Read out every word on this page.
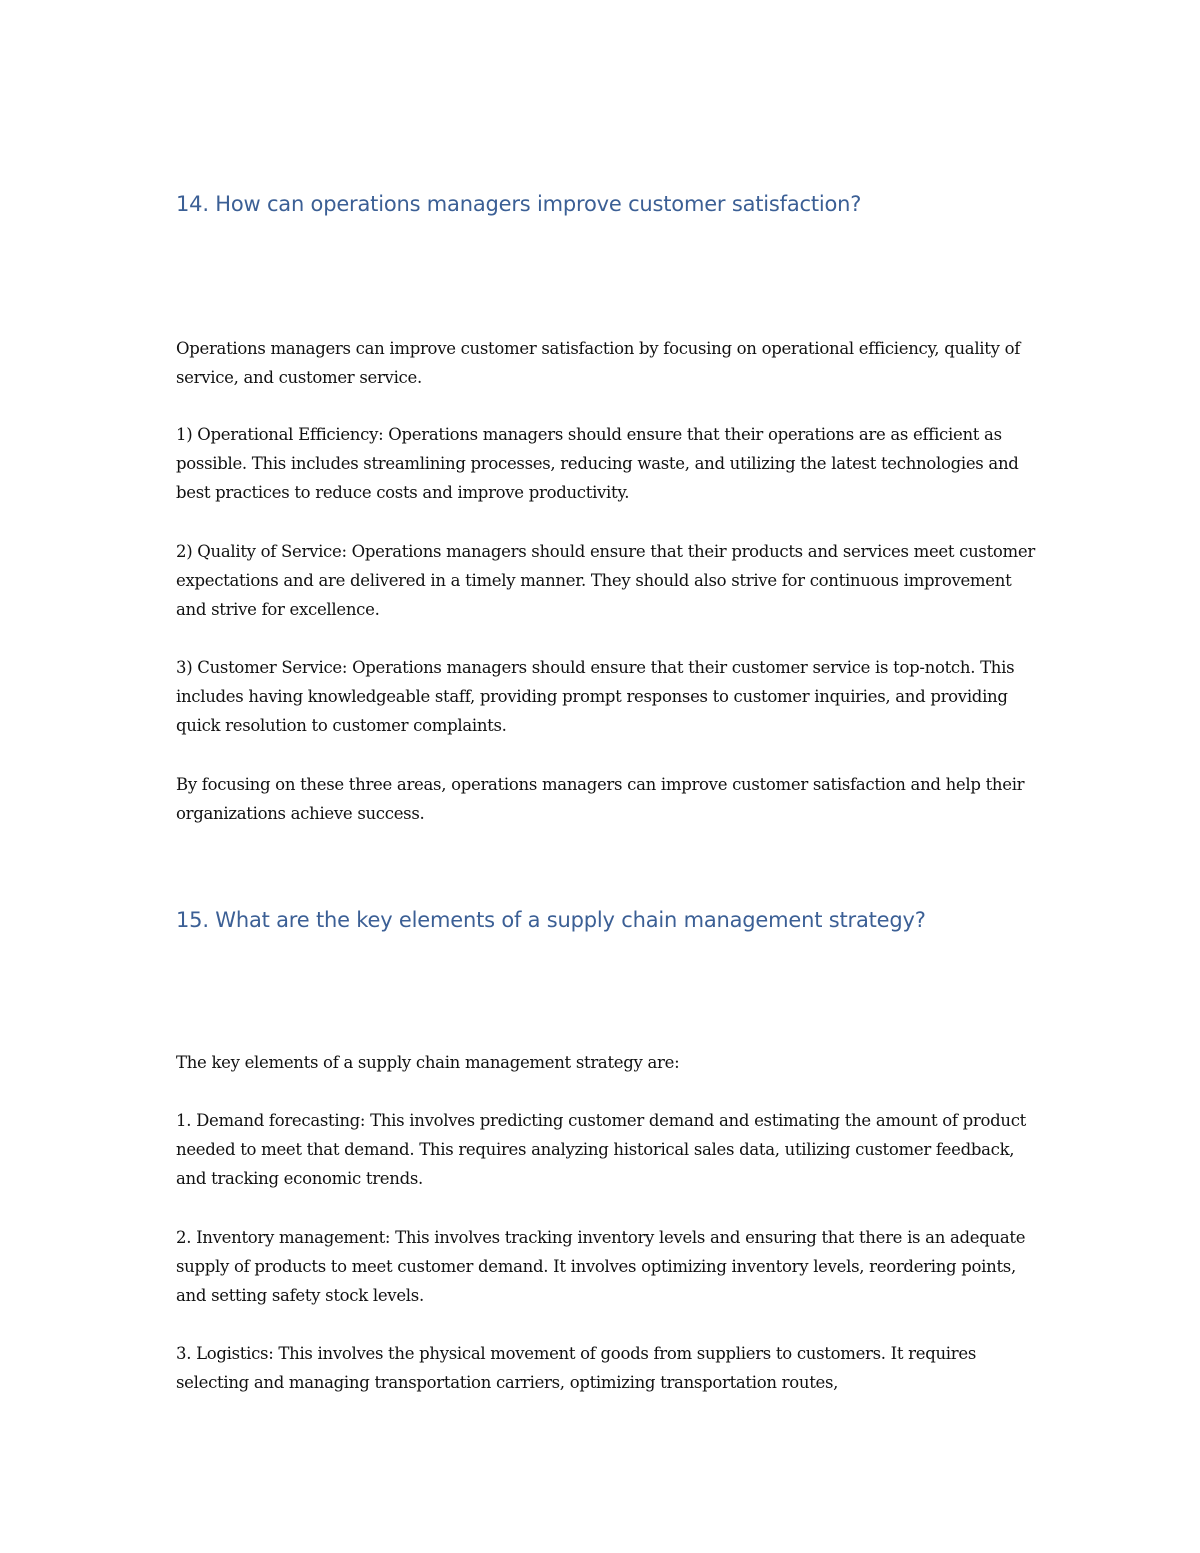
14. How can operations managers improve customer satisfaction?

Operations managers can improve customer satisfaction by focusing on operational efficiency, quality of service, and customer service.

1) Operational Efficiency: Operations managers should ensure that their operations are as efficient as possible. This includes streamlining processes, reducing waste, and utilizing the latest technologies and best practices to reduce costs and improve productivity.

2) Quality of Service: Operations managers should ensure that their products and services meet customer expectations and are delivered in a timely manner. They should also strive for continuous improvement and strive for excellence.

3) Customer Service: Operations managers should ensure that their customer service is top-notch. This includes having knowledgeable staff, providing prompt responses to customer inquiries, and providing quick resolution to customer complaints.

By focusing on these three areas, operations managers can improve customer satisfaction and help their organizations achieve success.

15. What are the key elements of a supply chain management strategy?

The key elements of a supply chain management strategy are:

1. Demand forecasting: This involves predicting customer demand and estimating the amount of product needed to meet that demand. This requires analyzing historical sales data, utilizing customer feedback, and tracking economic trends.

2. Inventory management: This involves tracking inventory levels and ensuring that there is an adequate supply of products to meet customer demand. It involves optimizing inventory levels, reordering points, and setting safety stock levels.

3. Logistics: This involves the physical movement of goods from suppliers to customers. It requires selecting and managing transportation carriers, optimizing transportation routes,
